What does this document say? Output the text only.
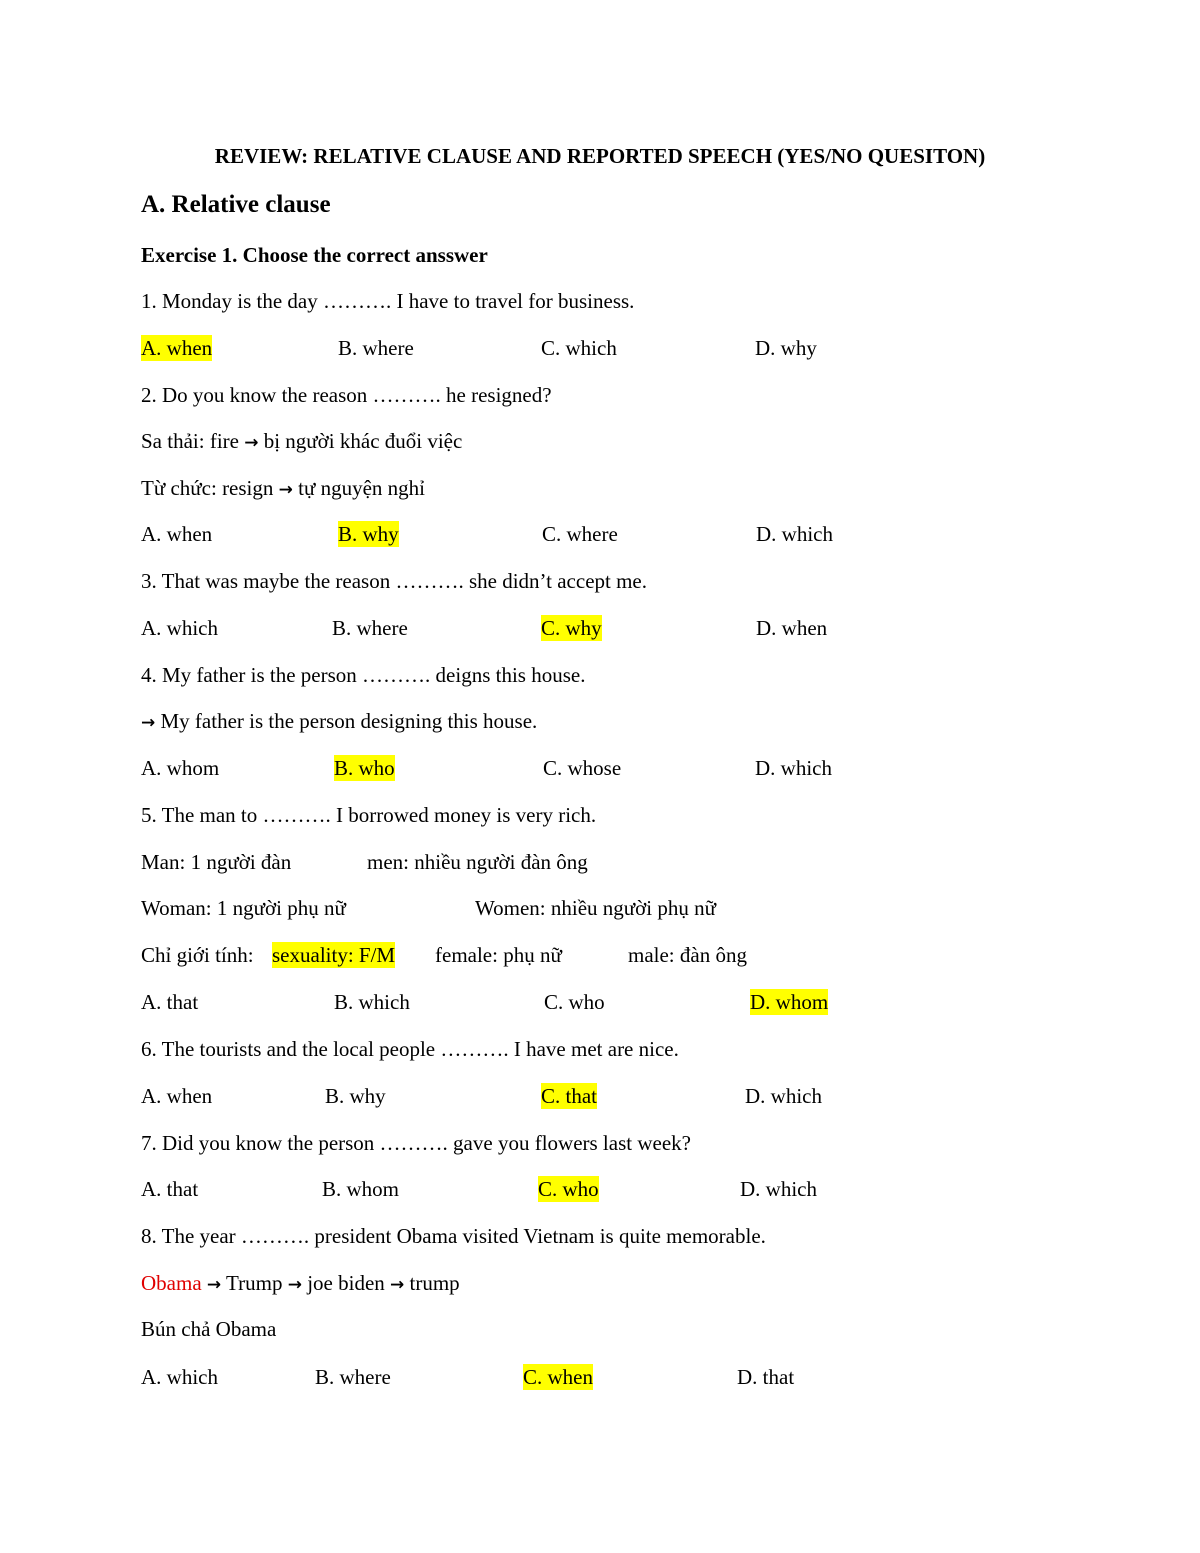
REVIEW: RELATIVE CLAUSE AND REPORTED SPEECH (YES/NO QUESITON)
A. Relative clause
Exercise 1. Choose the correct ansswer
1. Monday is the day ………. I have to travel for business.
A. when	B. where	C. which	D. why
2. Do you know the reason ………. he resigned?
Sa thải: fire → bị người khác đuổi việc
Từ chức: resign → tự nguyện nghỉ
A. when	B. why	C. where	D. which
3. That was maybe the reason ………. she didn’t accept me.
A. which	B. where	C. why	D. when
4. My father is the person ………. deigns this house.
→ My father is the person designing this house.
A. whom	B. who	C. whose	D. which
5. The man to ………. I borrowed money is very rich.
Man: 1 người đàn	men: nhiều người đàn ông
Woman: 1 người phụ nữ	Women: nhiều người phụ nữ
Chỉ giới tính: sexuality: F/M female: phụ nữ	male: đàn ông
A. that	B. which	C. who	D. whom
6. The tourists and the local people ………. I have met are nice.
A. when	B. why	C. that	D. which
7. Did you know the person ………. gave you flowers last week?
A. that	B. whom	C. who	D. which
8. The year ………. president Obama visited Vietnam is quite memorable.
Obama → Trump → joe biden → trump
Bún chả Obama
A. which	B. where	C. when	D. that
